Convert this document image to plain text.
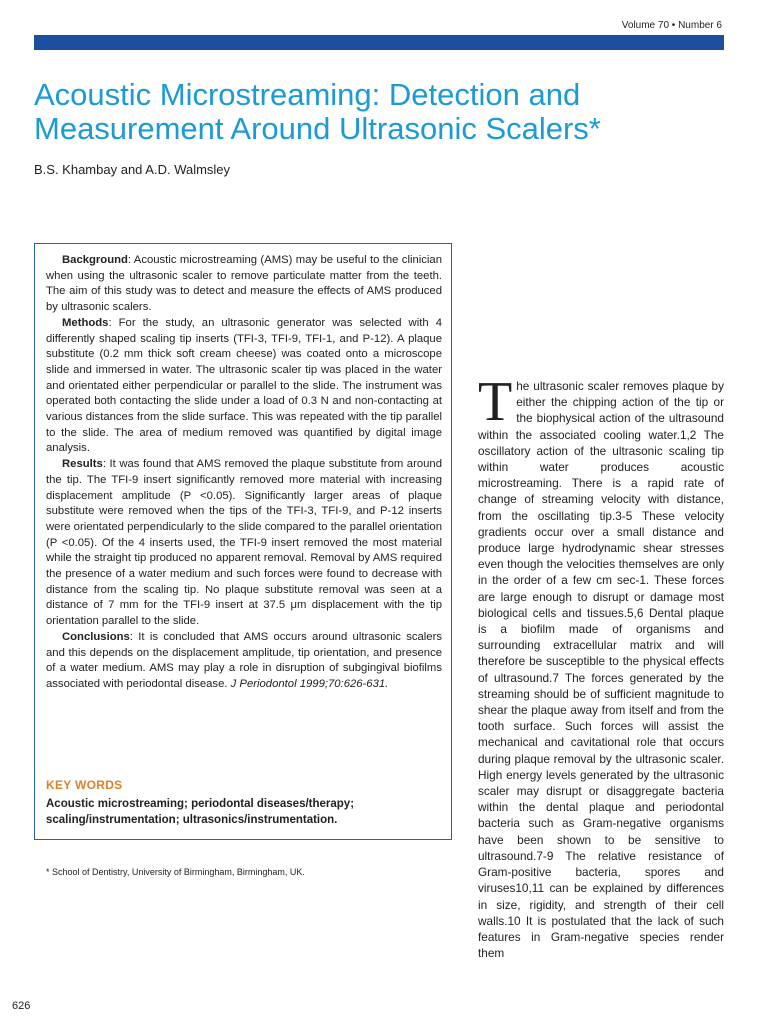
Volume 70 • Number 6
Acoustic Microstreaming: Detection and Measurement Around Ultrasonic Scalers*
B.S. Khambay and A.D. Walmsley

Background: Acoustic microstreaming (AMS) may be useful to the clinician when using the ultrasonic scaler to remove particulate matter from the teeth. The aim of this study was to detect and measure the effects of AMS produced by ultrasonic scalers.

Methods: For the study, an ultrasonic generator was selected with 4 differently shaped scaling tip inserts (TFI-3, TFI-9, TFI-1, and P-12). A plaque substitute (0.2 mm thick soft cream cheese) was coated onto a microscope slide and immersed in water. The ultrasonic scaler tip was placed in the water and orientated either perpendicular or parallel to the slide. The instrument was operated both contacting the slide under a load of 0.3 N and non-contacting at various distances from the slide surface. This was repeated with the tip parallel to the slide. The area of medium removed was quantified by digital image analysis.

Results: It was found that AMS removed the plaque substitute from around the tip. The TFI-9 insert significantly removed more material with increasing displacement amplitude (P <0.05). Significantly larger areas of plaque substitute were removed when the tips of the TFI-3, TFI-9, and P-12 inserts were orientated perpendicularly to the slide compared to the parallel orientation (P <0.05). Of the 4 inserts used, the TFI-9 insert removed the most material while the straight tip produced no apparent removal. Removal by AMS required the presence of a water medium and such forces were found to decrease with distance from the scaling tip. No plaque substitute removal was seen at a distance of 7 mm for the TFI-9 insert at 37.5 μm displacement with the tip orientation parallel to the slide.

Conclusions: It is concluded that AMS occurs around ultrasonic scalers and this depends on the displacement amplitude, tip orientation, and presence of a water medium. AMS may play a role in disruption of subgingival biofilms associated with periodontal disease. J Periodontol 1999;70:626-631.

KEY WORDS
Acoustic microstreaming; periodontal diseases/therapy; scaling/instrumentation; ultrasonics/instrumentation.
* School of Dentistry, University of Birmingham, Birmingham, UK.
626

The ultrasonic scaler removes plaque by either the chipping action of the tip or the biophysical action of the ultrasound within the associated cooling water.1,2 The oscillatory action of the ultrasonic scaling tip within water produces acoustic microstreaming. There is a rapid rate of change of streaming velocity with distance, from the oscillating tip.3-5 These velocity gradients occur over a small distance and produce large hydrodynamic shear stresses even though the velocities themselves are only in the order of a few cm sec-1. These forces are large enough to disrupt or damage most biological cells and tissues.5,6 Dental plaque is a biofilm made of organisms and surrounding extracellular matrix and will therefore be susceptible to the physical effects of ultrasound.7 The forces generated by the streaming should be of sufficient magnitude to shear the plaque away from itself and from the tooth surface. Such forces will assist the mechanical and cavitational role that occurs during plaque removal by the ultrasonic scaler. High energy levels generated by the ultrasonic scaler may disrupt or disaggregate bacteria within the dental plaque and periodontal bacteria such as Gram-negative organisms have been shown to be sensitive to ultrasound.7-9 The relative resistance of Gram-positive bacteria, spores and viruses10,11 can be explained by differences in size, rigidity, and strength of their cell walls.10 It is postulated that the lack of such features in Gram-negative species render them
